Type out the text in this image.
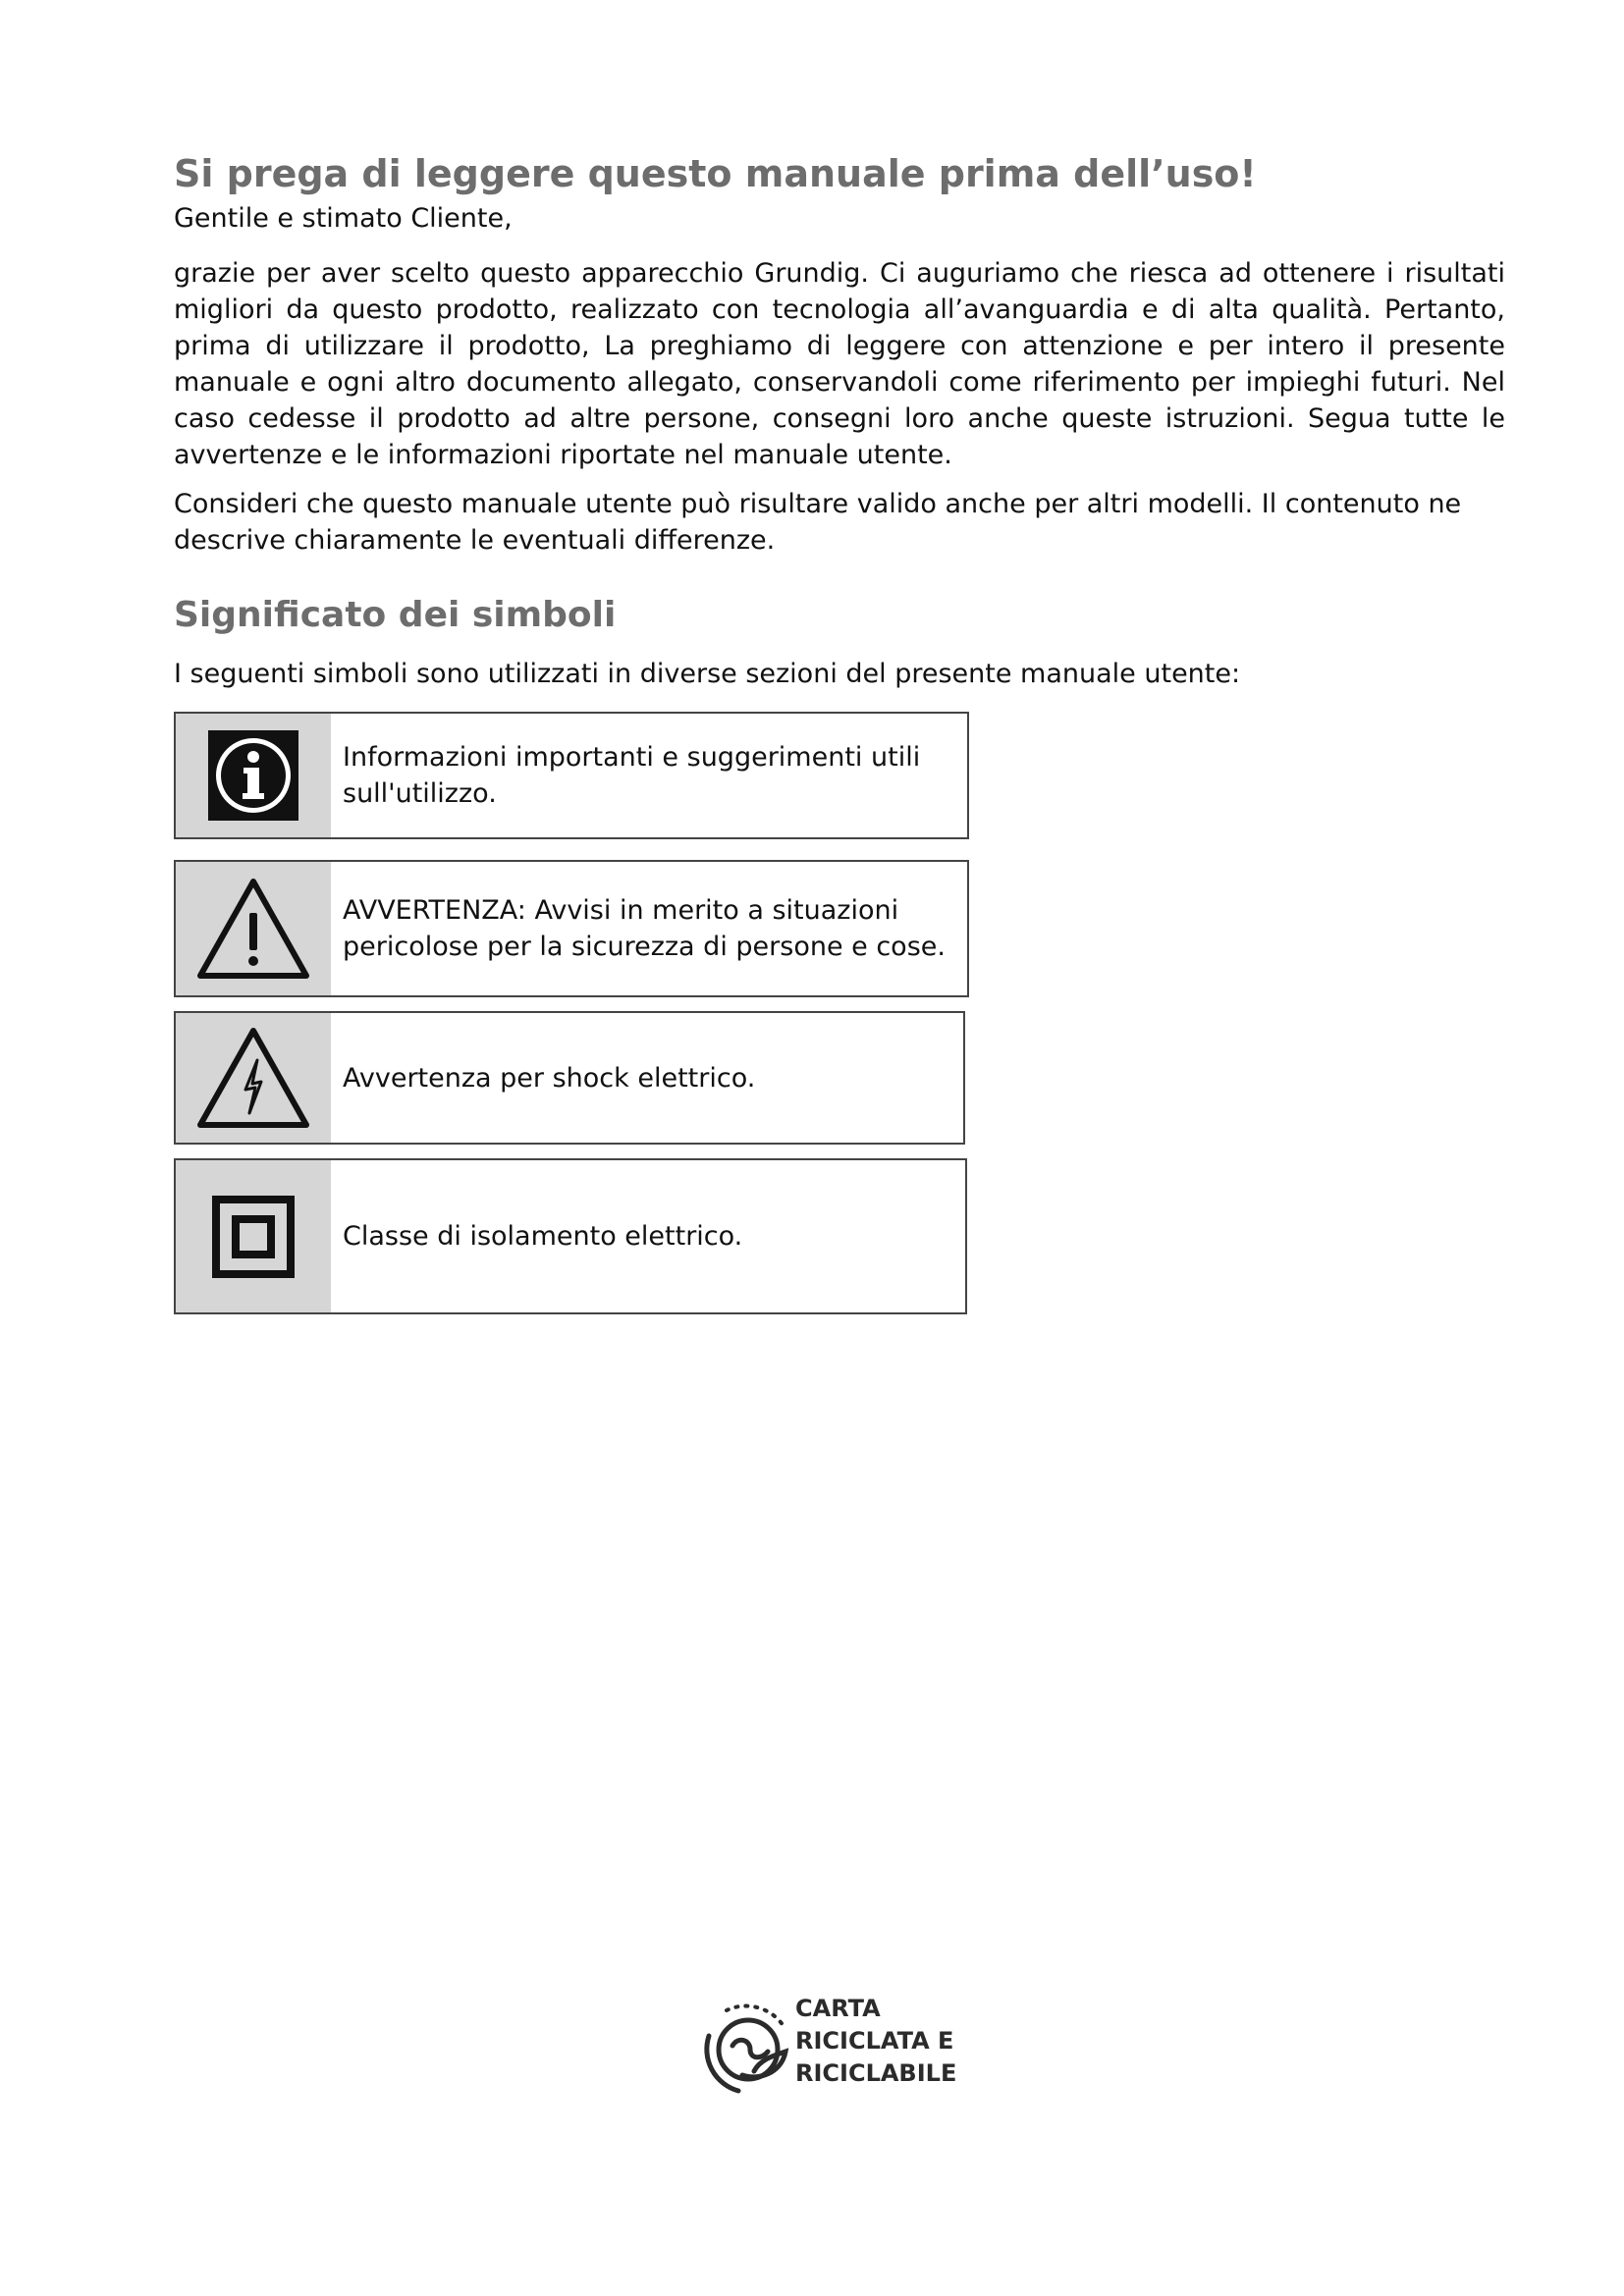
Si prega di leggere questo manuale prima dell’uso!

Gentile e stimato Cliente,

grazie per aver scelto questo apparecchio Grundig. Ci auguriamo che riesca ad ottenere i risultati migliori da questo prodotto, realizzato con tecnologia all’avanguardia e di alta qualità. Pertanto, prima di utilizzare il prodotto, La preghiamo di leggere con attenzione e per intero il presente manuale e ogni altro documento allegato, conservandoli come riferimento per impieghi futuri. Nel caso cedesse il prodotto ad altre persone, consegni loro anche queste istruzioni. Segua tutte le avvertenze e le informazioni riportate nel manuale utente.

Consideri che questo manuale utente può risultare valido anche per altri modelli. Il contenuto ne descrive chiaramente le eventuali differenze.

Significato dei simboli

I seguenti simboli sono utilizzati in diverse sezioni del presente manuale utente:

Informazioni importanti e suggerimenti utili sull'utilizzo.
AVVERTENZA: Avvisi in merito a situazioni pericolose per la sicurezza di persone e cose.
Avvertenza per shock elettrico.
Classe di isolamento elettrico.
CARTA
RICICLATA E
RICICLABILE
